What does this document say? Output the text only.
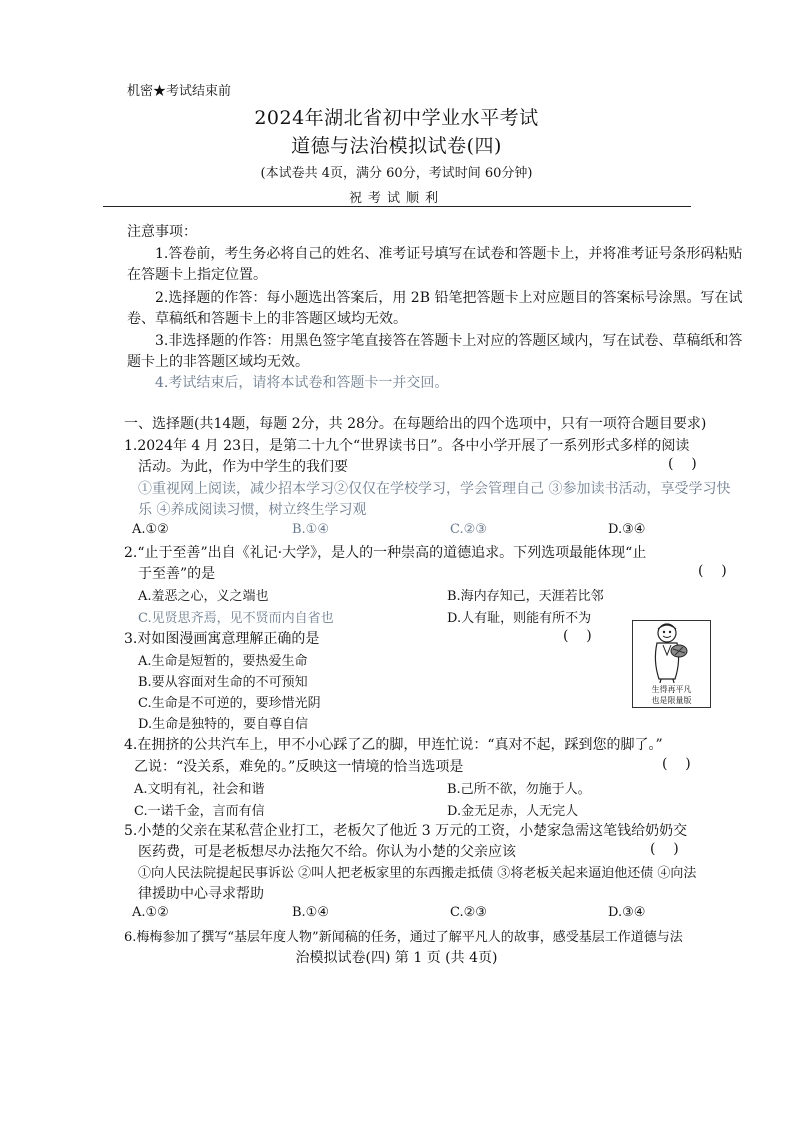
机密★考试结束前
2024年湖北省初中学业水平考试
道德与法治模拟试卷(四)
(本试卷共 4页，满分 60分，考试时间 60分钟)
祝考试顺利
注意事项：
1.答卷前，考生务必将自己的姓名、准考证号填写在试卷和答题卡上，并将准考证号条形码粘贴
在答题卡上指定位置。
2.选择题的作答：每小题选出答案后，用 2B 铅笔把答题卡上对应题目的答案标号涂黑。写在试
卷、草稿纸和答题卡上的非答题区域均无效。
3.非选择题的作答：用黑色签字笔直接答在答题卡上对应的答题区域内，写在试卷、草稿纸和答
题卡上的非答题区域均无效。
4.考试结束后，请将本试卷和答题卡一并交回。
一、选择题(共14题，每题 2分，共 28分。在每题给出的四个选项中，只有一项符合题目要求)
1.2024年 4 月 23日，是第二十九个“世界读书日”。各中小学开展了一系列形式多样的阅读
活动。为此，作为中学生的我们要	(    )
①重视网上阅读，减少招本学习②仅仅在学校学习，学会管理自己 ③参加读书活动，享受学习快
乐 ④养成阅读习惯，树立终生学习观
A.①②	B.①④	C.②③	D.③④
2.“止于至善”出自《礼记·大学》，是人的一种崇高的道德追求。下列选项最能体现“止
于至善”的是	(    )
A.羞恶之心，义之端也	B.海内存知己，天涯若比邻
C.见贤思齐焉，见不贤而内自省也	D.人有耻，则能有所不为
3.对如图漫画寓意理解正确的是	(    )
A.生命是短暂的，要热爱生命
B.要从容面对生命的不可预知
C.生命是不可逆的，要珍惜光阴
D.生命是独特的，要自尊自信
生得再平凡
也是限量版
4.在拥挤的公共汽车上，甲不小心踩了乙的脚，甲连忙说：“真对不起，踩到您的脚了。”
乙说：“没关系，难免的。”反映这一情境的恰当选项是	(    )
A.文明有礼，社会和谐	B.己所不欲，勿施于人。
C.一诺千金，言而有信	D.金无足赤，人无完人
5.小楚的父亲在某私营企业打工，老板欠了他近 3 万元的工资，小楚家急需这笔钱给奶奶交
医药费，可是老板想尽办法拖欠不给。你认为小楚的父亲应该	(    )
①向人民法院提起民事诉讼 ②叫人把老板家里的东西搬走抵债 ③将老板关起来逼迫他还债 ④向法
律援助中心寻求帮助
A.①②	B.①④	C.②③	D.③④
6.梅梅参加了撰写“基层年度人物”新闻稿的任务，通过了解平凡人的故事，感受基层工作道德与法
治模拟试卷(四) 第 1 页 (共 4页)
